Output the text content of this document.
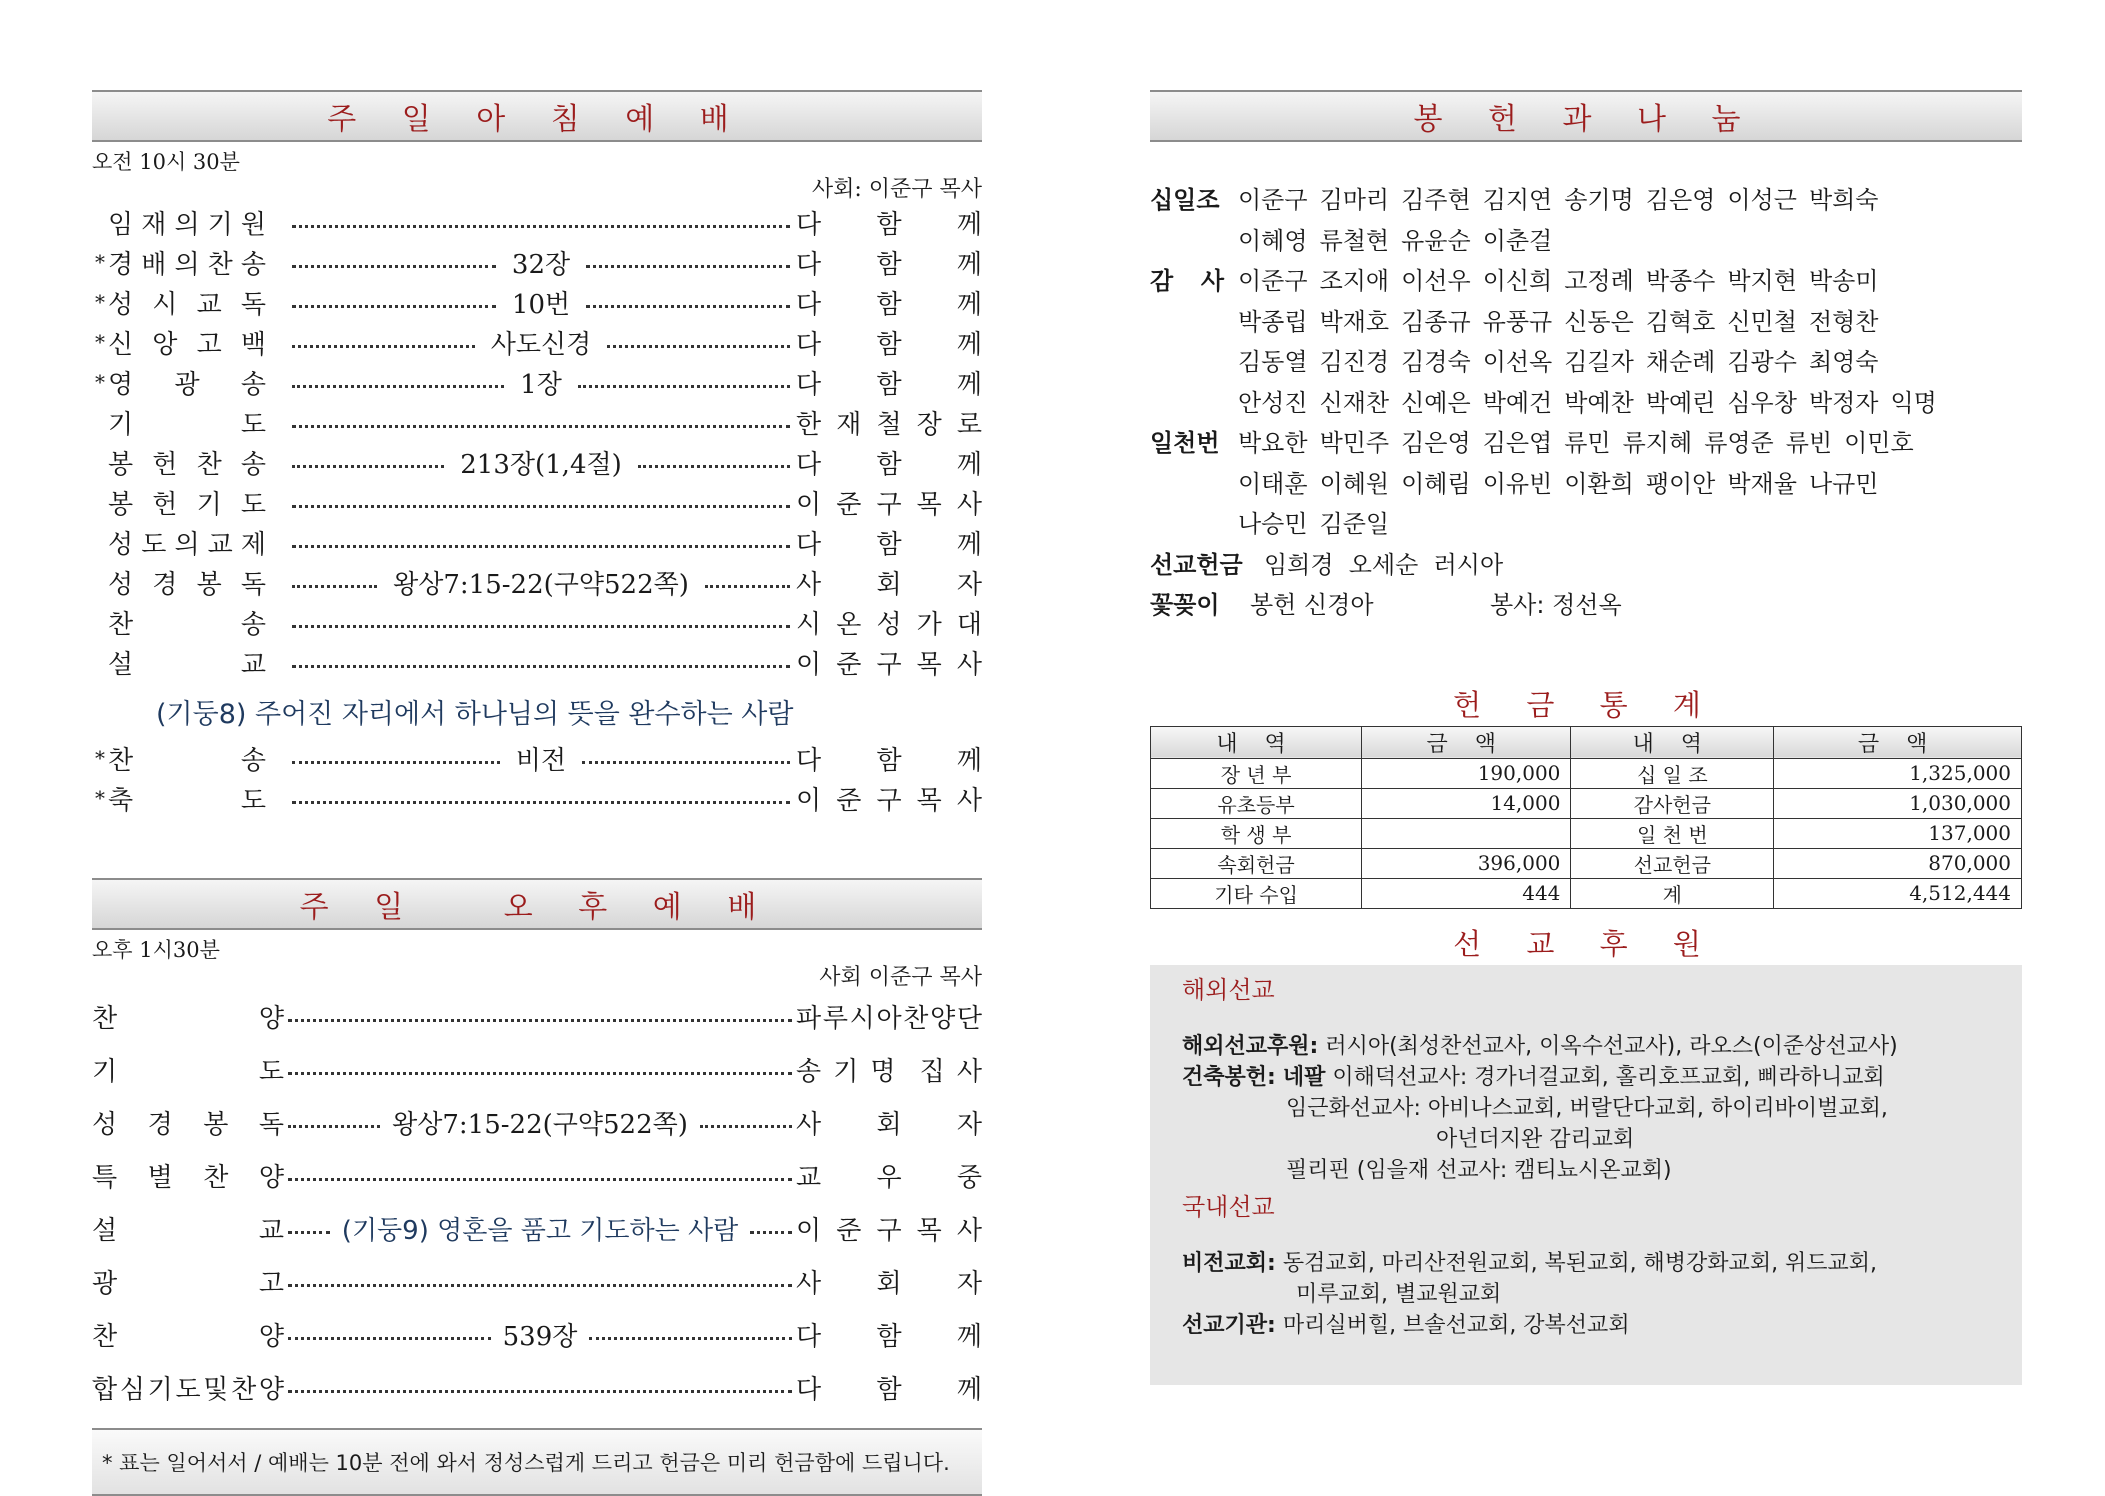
주 일 아 침 예 배
오전 10시 30분
사회: 이준구 목사
임 재 의 기 원	다 함 께
* 경 배 의 찬 송	32장	다 함 께
* 성 시 교 독	10번	다 함 께
* 신 앙 고 백	사도신경	다 함 께
* 영 광 송	1장	다 함 께
기	도	한 재 철 장 로
봉 헌 찬 송	213장(1,4절)	다 함 께
봉 헌 기 도	이 준 구 목 사
성 도 의 교 제	다 함 께
성 경 봉 독	왕상7:15-22(구약522쪽)	사 회 자
찬	송	시 온 성 가 대
설	교	이 준 구 목 사
(기둥8) 주어진 자리에서 하나님의 뜻을 완수하는 사람
* 찬	송	비전	다 함 께
* 축	도	이 준 구 목 사
주 일   오 후 예 배
오후 1시30분
사회 이준구 목사
찬	양	파 루 시 아 찬 양 단
기	도	송 기 명 집 사
성 경 봉 독	왕상7:15-22(구약522쪽)	사 회 자
특 별 찬 양	교 우 중
설	교	(기둥9) 영혼을 품고 기도하는 사람	이 준 구 목 사
광	고	사 회 자
찬	양	539장	다 함 께
합 심 기 도 및 찬 양	다 함 께
* 표는 일어서서 / 예배는 10분 전에 와서 정성스럽게 드리고 헌금은 미리 헌금함에 드립니다.
봉 헌 과 나 눔
십일조 이준구 김마리 김주현 김지연 송기명 김은영 이성근 박희숙
이혜영 류철현 유윤순 이춘걸
감 사 이준구 조지애 이선우 이신희 고정례 박종수 박지현 박송미
박종립 박재호 김종규 유풍규 신동은 김혁호 신민철 전형찬
김동열 김진경 김경숙 이선옥 김길자 채순례 김광수 최영숙
안성진 신재찬 신예은 박예건 박예찬 박예린 심우창 박정자 익명
일천번 박요한 박민주 김은영 김은엽 류민 류지혜 류영준 류빈 이민호
이태훈 이혜원 이혜림 이유빈 이환희 팽이안 박재율 나규민
나승민 김준일
선교헌금 임희경  오세순  러시아
꽃꽂이	봉헌 신경아	봉사: 정선옥
헌 금 통 계
내 역	금 액	내 역	금 액
장 년 부	190,000	십 일 조	1,325,000
유초등부	14,000	감사헌금	1,030,000
학 생 부		일 천 번	137,000
속회헌금	396,000	선교헌금	870,000
기타 수입	444	계	4,512,444
선 교 후 원
해외선교
해외선교후원: 러시아(최성찬선교사, 이옥수선교사), 라오스(이준상선교사)
건축봉헌: 네팔 이해덕선교사: 경가너걸교회, 홀리호프교회, 삐라하니교회
임근화선교사: 아비나스교회, 버랄단다교회, 하이리바이벌교회,
아넌더지완 감리교회
필리핀 (임을재 선교사: 캠티뇨시온교회)
국내선교
비전교회: 동검교회, 마리산전원교회, 복된교회, 해병강화교회, 위드교회,
미루교회, 별교원교회
선교기관: 마리실버힐, 브솔선교회, 강복선교회
